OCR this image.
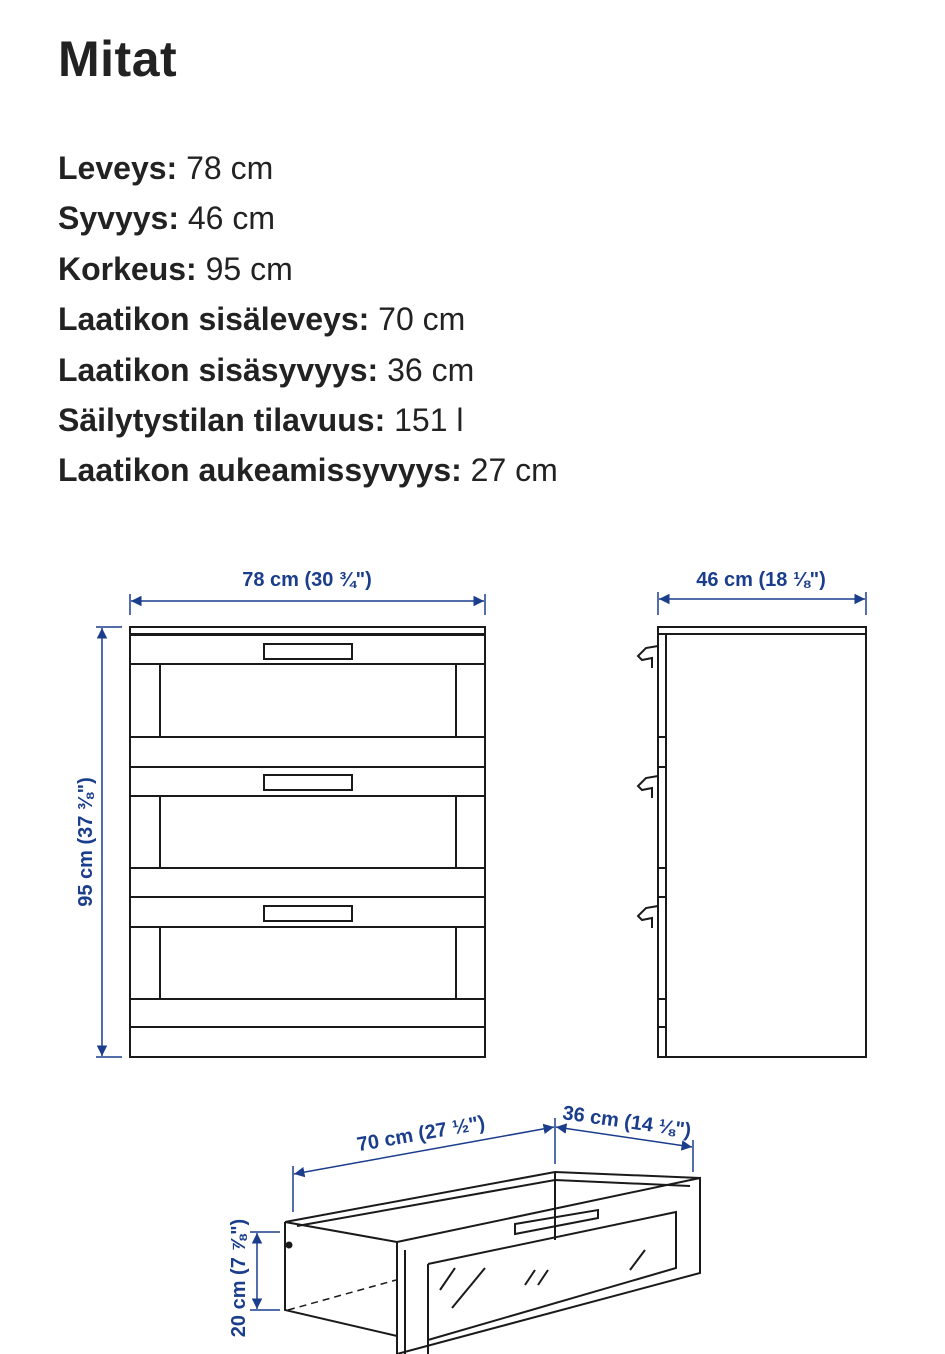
Mitat
Leveys: 78 cm
Syvyys: 46 cm
Korkeus: 95 cm
Laatikon sisäleveys: 70 cm
Laatikon sisäsyvyys: 36 cm
Säilytystilan tilavuus: 151 l
Laatikon aukeamissyvyys: 27 cm
78 cm (30 ¾")
95 cm (37 ⅜")
46 cm (18 ⅛")
70 cm (27 ½")	36 cm (14 ⅛")
20 cm (7 ⅞")
